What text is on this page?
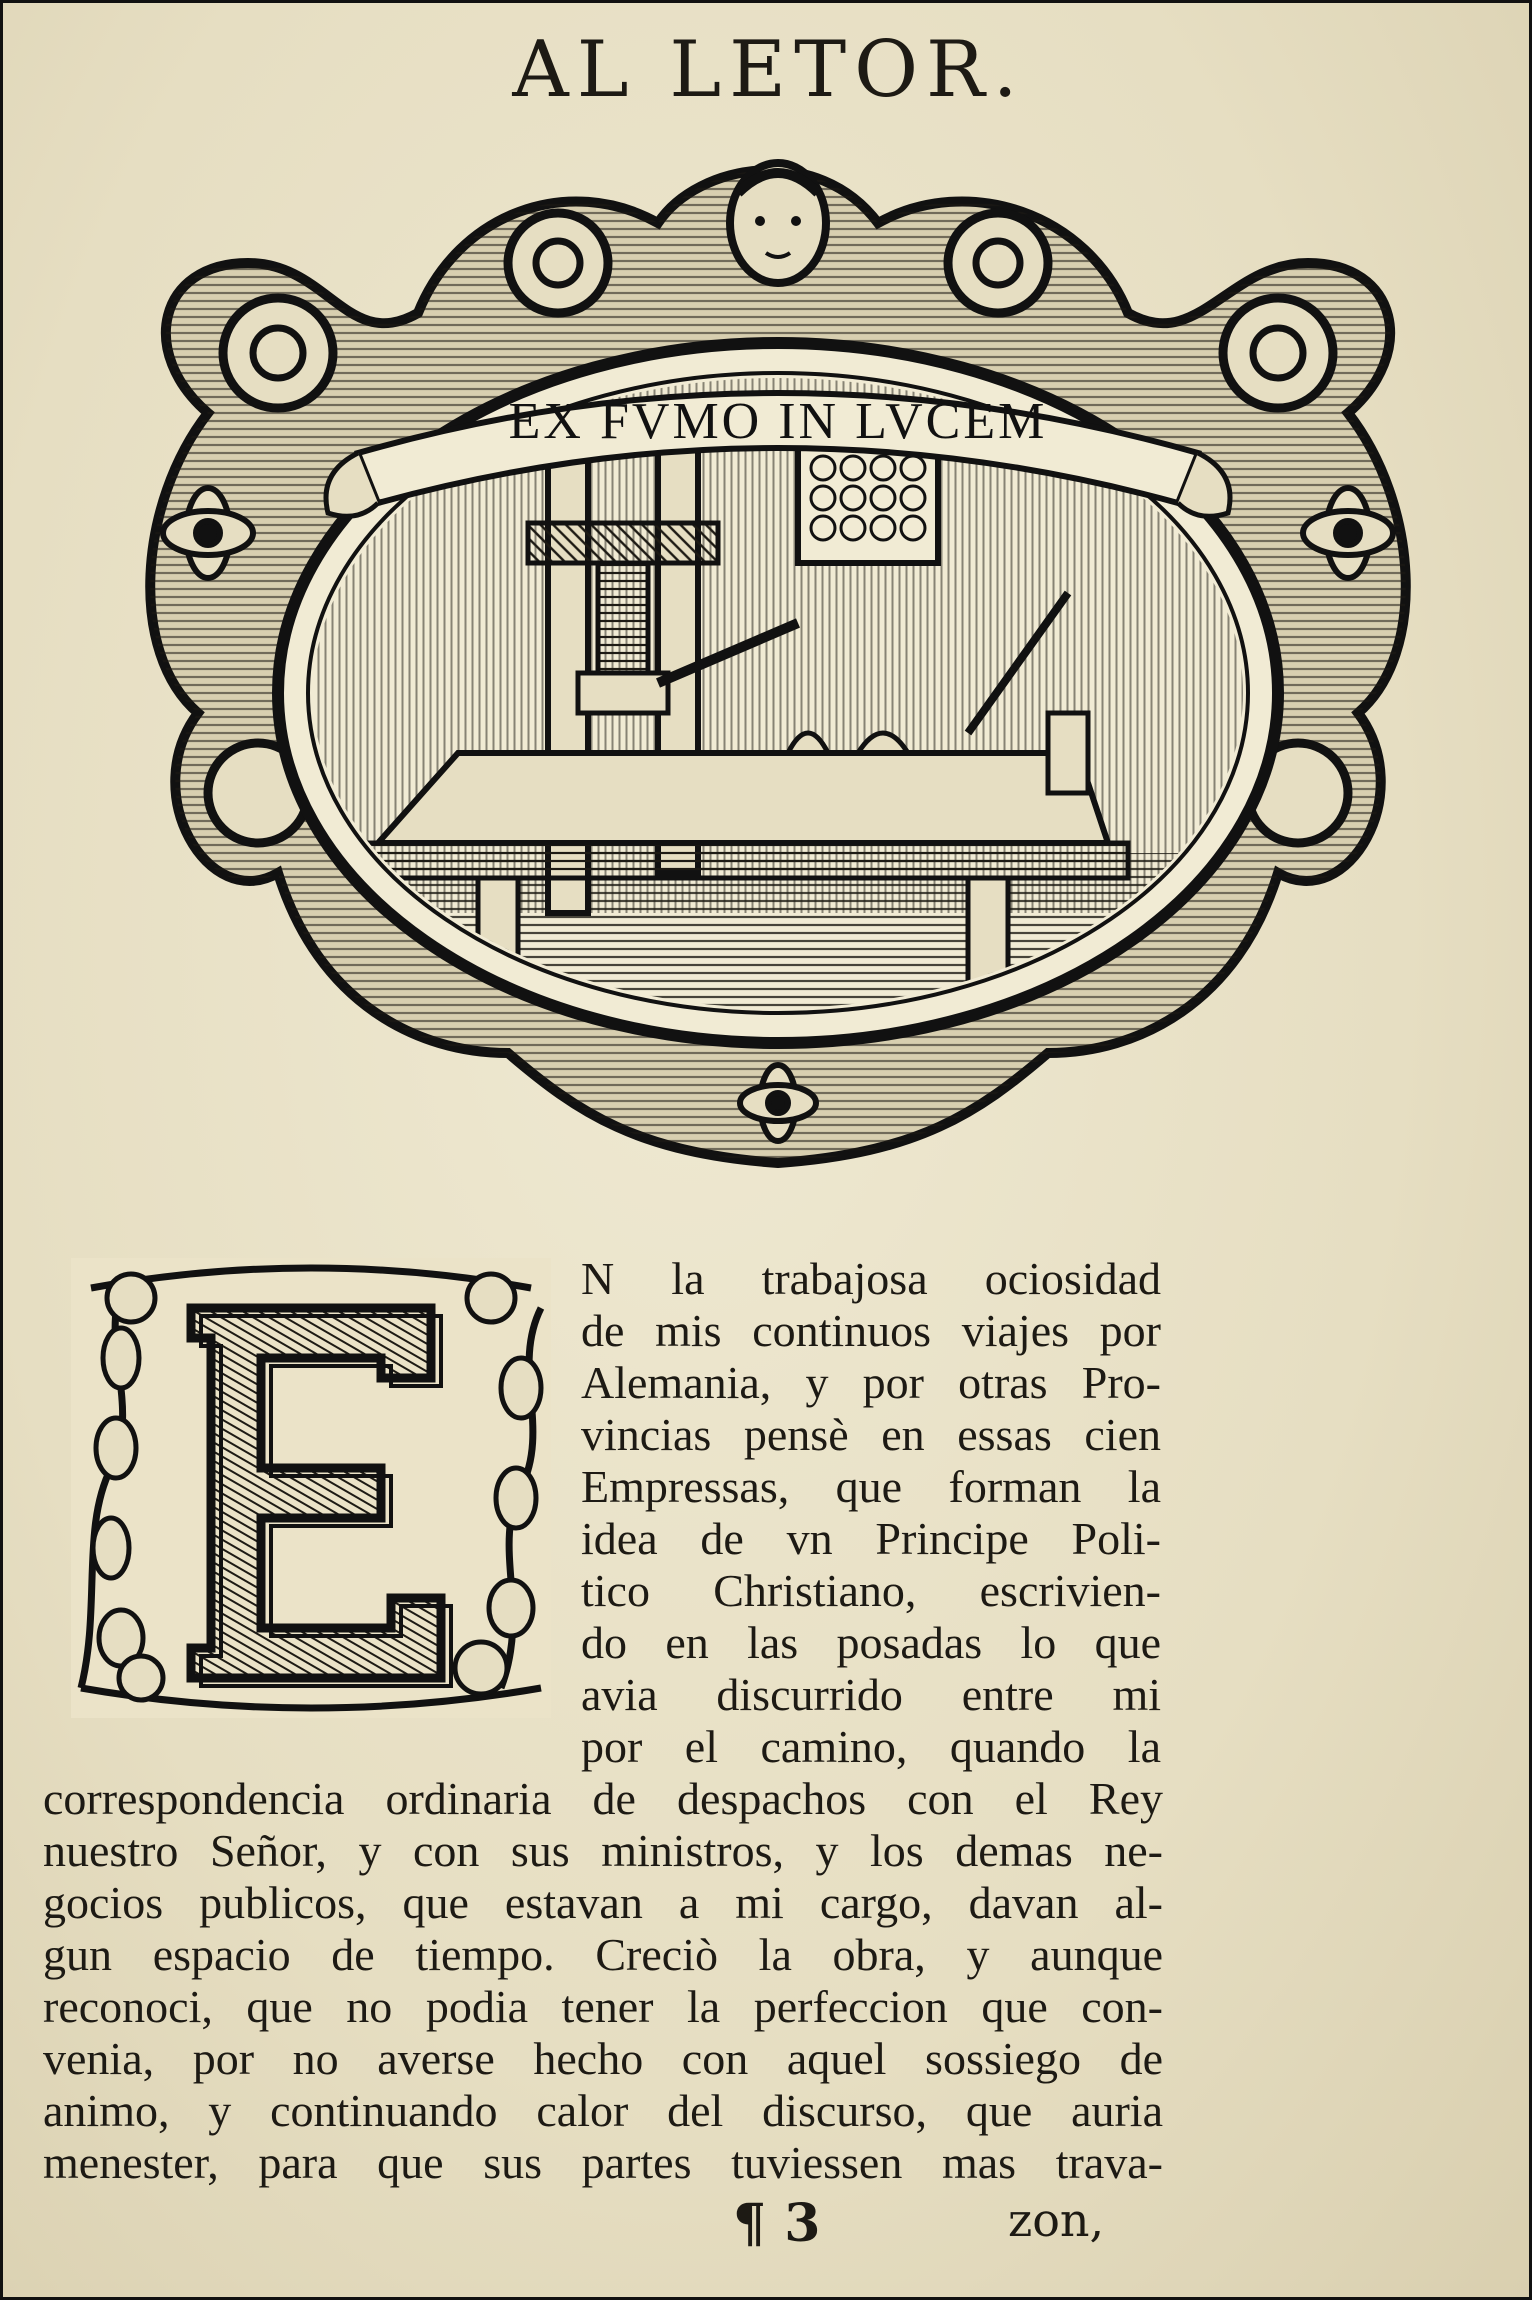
AL LETOR.
EX FVMO IN LVCEM
N la trabajosa ociosidad
de mis continuos viajes por
Alemania, y por otras Pro-
vincias pensè en essas cien
Empressas, que forman la
idea de vn Principe Poli-
tico Christiano, escrivien-
do en las posadas lo que
avia discurrido entre mi
por el camino, quando la
correspondencia ordinaria de despachos con el Rey
nuestro Señor, y con sus ministros, y los demas ne-
gocios publicos, que estavan a mi cargo, davan al-
gun espacio de tiempo. Creciò la obra, y aunque
reconoci, que no podia tener la perfeccion que con-
venia, por no averse hecho con aquel sossiego de
animo, y continuando calor del discurso, que auria
menester, para que sus partes tuviessen mas trava-
¶ 3	zon,
